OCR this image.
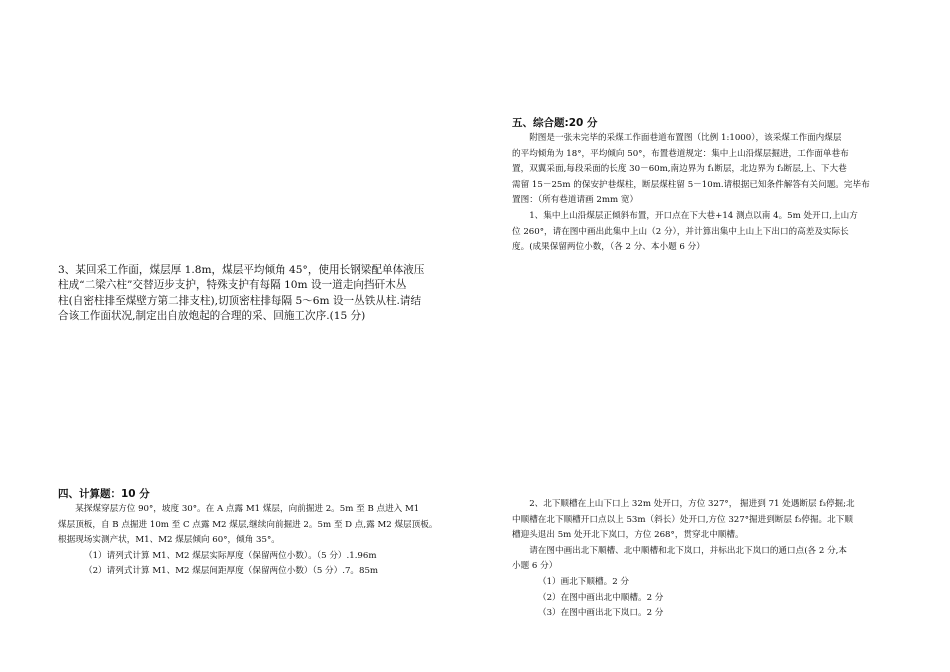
五、综合题:20 分
附图是一张未完毕的采煤工作面巷道布置图（比例 1:1000），该采煤工作面内煤层
的平均倾角为 18°，平均倾向 50°，布置巷道规定：集中上山沿煤层掘进，工作面单巷布
置，双翼采面,每段采面的长度 30－60m,南边界为 f₁断层，北边界为 f₂断层,上、下大巷
需留 15－25m 的保安护巷煤柱，断层煤柱留 5－10m.请根据已知条件解答有关问题。完毕布
置图：（所有巷道请画 2mm 宽）
1、集中上山沿煤层正倾斜布置，开口点在下大巷+14 测点以南 4。5m 处开口,上山方
位 260°，请在图中画出此集中上山（2 分），并计算出集中上山上下出口的高差及实际长
度。(成果保留两位小数，（各 2 分、本小题 6 分）
3、某回采工作面，煤层厚 1.8m，煤层平均倾角 45°，使用长钢梁配单体液压
柱成“二梁六柱”交替迈步支护，特殊支护有每隔 10m 设一道走向挡矸木丛
柱(自密柱排至煤壁方第二排支柱),切顶密柱排每隔 5～6m 设一丛铁从柱.请结
合该工作面状况,制定出自放炮起的合理的采、回施工次序.(15 分)
四、计算题：10 分
某探煤穿层方位 90°，坡度 30°。在 A 点露 M1 煤层，向前掘进 2。5m 至 B 点进入 M1
煤层顶板，自 B 点掘进 10m 至 C 点露 M2 煤层,继续向前掘进 2。5m 至 D 点,露 M2 煤层顶板。
根据现场实测产状，M1、M2 煤层倾向 60°，倾角 35°。
（1）请列式计算 M1、M2 煤层实际厚度（保留两位小数）。（5 分）.1.96m
（2）请列式计算 M1、M2 煤层间距厚度（保留两位小数）（5 分）.7。85m
2、北下顺槽在上山下口上 32m 处开口，方位 327°， 掘进到 71 处遇断层 f₃停掘;北
中顺槽在北下顺槽开口点以上 53m（斜长）处开口,方位 327°掘进到断层 f₃停掘。北下顺
槽迎头退出 5m 处开北下岚口，方位 268°，贯穿北中顺槽。
请在图中画出北下顺槽、北中顺槽和北下岚口，并标出北下岚口的通口点(各 2 分,本
小题 6 分）
（1）画北下顺槽。2 分
（2）在图中画出北中顺槽。2 分
（3）在图中画出北下岚口。2 分
